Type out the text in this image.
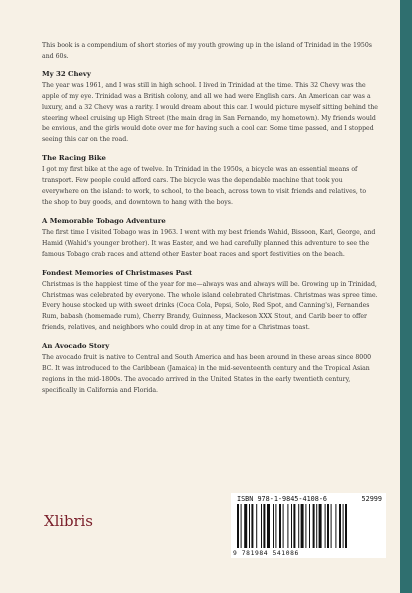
This book is a compendium of short stories of my youth growing up in the island of Trinidad in the 1950s and 60s.

My 32 Chevy

The year was 1961, and I was still in high school. I lived in Trinidad at the time. This 32 Chevy was the apple of my eye. Trinidad was a British colony, and all we had were English cars. An American car was a luxury, and a 32 Chevy was a rarity. I would dream about this car. I would picture myself sitting behind the steering wheel cruising up High Street (the main drag in San Fernando, my hometown). My friends would be envious, and the girls would dote over me for having such a cool car. Some time passed, and I stopped seeing this car on the road.

The Racing Bike

I got my first bike at the age of twelve. In Trinidad in the 1950s, a bicycle was an essential means of transport. Few people could afford cars. The bicycle was the dependable machine that took you everywhere on the island: to work, to school, to the beach, across town to visit friends and relatives, to the shop to buy goods, and downtown to hang with the boys.

A Memorable Tobago Adventure

The first time I visited Tobago was in 1963. I went with my best friends Wahid, Bissoon, Karl, George, and Hamid (Wahid's younger brother). It was Easter, and we had carefully planned this adventure to see the famous Tobago crab races and attend other Easter boat races and sport festivities on the beach.

Fondest Memories of Christmases Past

Christmas is the happiest time of the year for me—always was and always will be. Growing up in Trinidad, Christmas was celebrated by everyone. The whole island celebrated Christmas. Christmas was spree time. Every house stocked up with sweet drinks (Coca Cola, Pepsi, Solo, Red Spot, and Canning's), Fernandes Rum, babash (homemade rum), Cherry Brandy, Guinness, Mackeson XXX Stout, and Carib beer to offer friends, relatives, and neighbors who could drop in at any time for a Christmas toast.

An Avocado Story

The avocado fruit is native to Central and South America and has been around in these areas since 8000 BC. It was introduced to the Caribbean (Jamaica) in the mid-seventeenth century and the Tropical Asian regions in the mid-1800s. The avocado arrived in the United States in the early twentieth century, specifically in California and Florida.

Xlibris
ISBN 978-1-9845-4108-6
9 781984 541086
52999
